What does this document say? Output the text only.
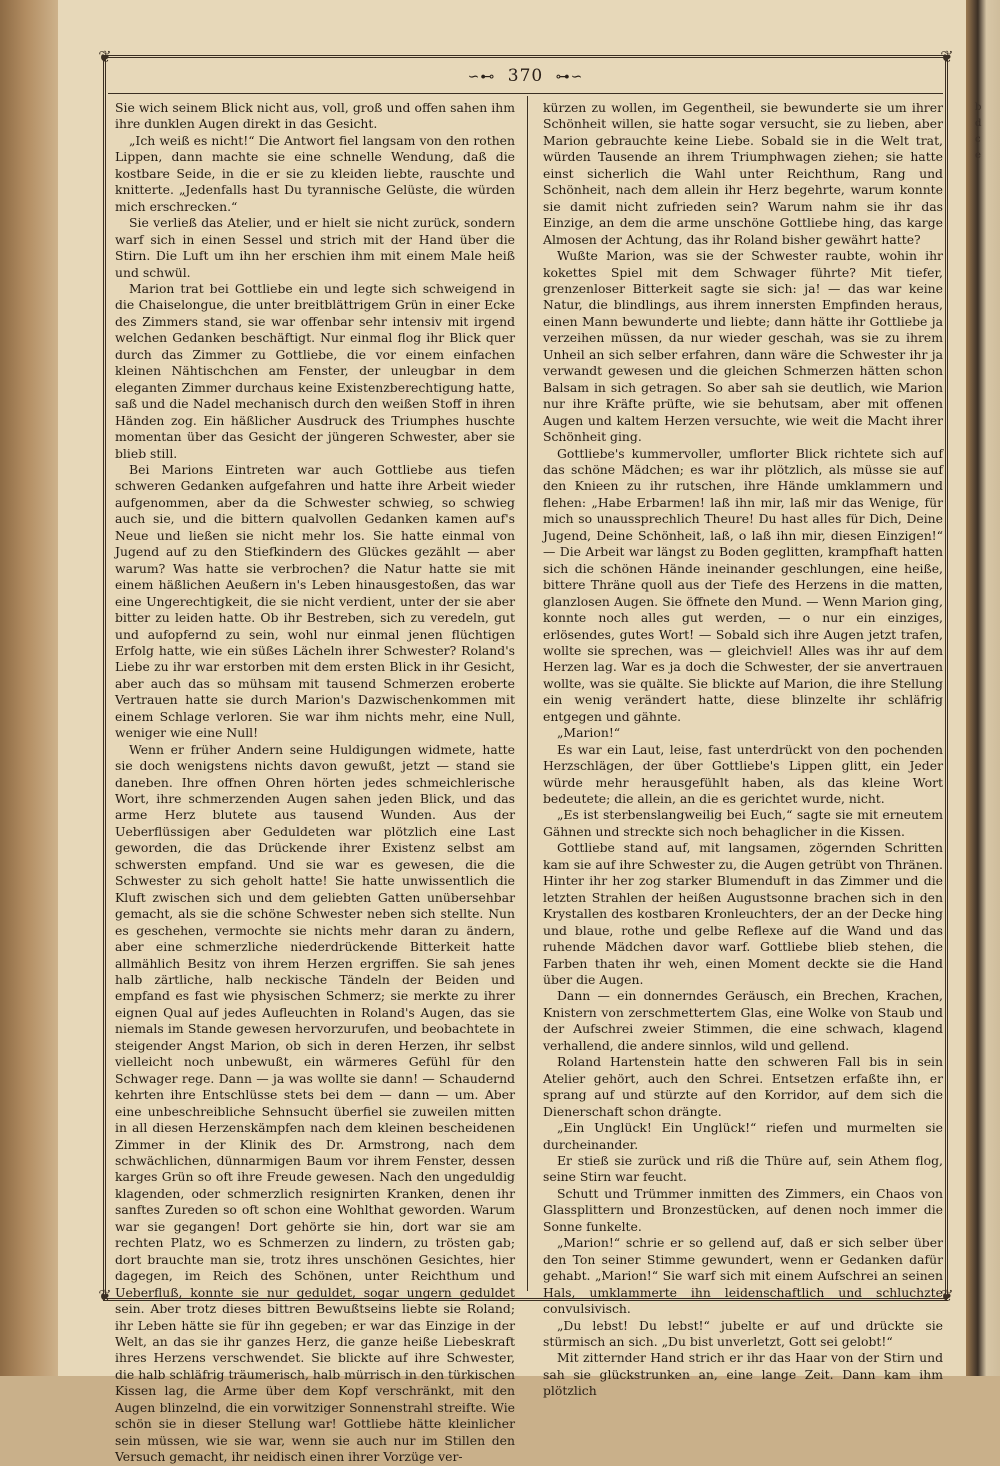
b
d
c
e
❦	❦
❦	❦
∽⊷ 370 ⊶∽

Sie wich seinem Blick nicht aus, voll, groß und offen sahen ihm ihre dunklen Augen direkt in das Gesicht.

„Ich weiß es nicht!“ Die Antwort fiel langsam von den rothen Lippen, dann machte sie eine schnelle Wendung, daß die kostbare Seide, in die er sie zu kleiden liebte, rauschte und knitterte. „Jedenfalls hast Du tyrannische Gelüste, die würden mich erschrecken.“

Sie verließ das Atelier, und er hielt sie nicht zurück, sondern warf sich in einen Sessel und strich mit der Hand über die Stirn. Die Luft um ihn her erschien ihm mit einem Male heiß und schwül.

Marion trat bei Gottliebe ein und legte sich schweigend in die Chaiselongue, die unter breitblättrigem Grün in einer Ecke des Zimmers stand, sie war offenbar sehr intensiv mit irgend welchen Gedanken beschäftigt. Nur einmal flog ihr Blick quer durch das Zimmer zu Gottliebe, die vor einem einfachen kleinen Nähtischchen am Fenster, der unleugbar in dem eleganten Zimmer durchaus keine Existenzberechtigung hatte, saß und die Nadel mechanisch durch den weißen Stoff in ihren Händen zog. Ein häßlicher Ausdruck des Triumphes huschte momentan über das Gesicht der jüngeren Schwester, aber sie blieb still.

Bei Marions Eintreten war auch Gottliebe aus tiefen schweren Gedanken aufgefahren und hatte ihre Arbeit wieder aufgenommen, aber da die Schwester schwieg, so schwieg auch sie, und die bittern qualvollen Gedanken kamen auf's Neue und ließen sie nicht mehr los. Sie hatte einmal von Jugend auf zu den Stiefkindern des Glückes gezählt — aber warum? Was hatte sie verbrochen? die Natur hatte sie mit einem häßlichen Aeußern in's Leben hinausgestoßen, das war eine Ungerechtigkeit, die sie nicht verdient, unter der sie aber bitter zu leiden hatte. Ob ihr Bestreben, sich zu veredeln, gut und aufopfernd zu sein, wohl nur einmal jenen flüchtigen Erfolg hatte, wie ein süßes Lächeln ihrer Schwester? Roland's Liebe zu ihr war erstorben mit dem ersten Blick in ihr Gesicht, aber auch das so mühsam mit tausend Schmerzen eroberte Vertrauen hatte sie durch Marion's Dazwischenkommen mit einem Schlage verloren. Sie war ihm nichts mehr, eine Null, weniger wie eine Null!

Wenn er früher Andern seine Huldigungen widmete, hatte sie doch wenigstens nichts davon gewußt, jetzt — stand sie daneben. Ihre offnen Ohren hörten jedes schmeichlerische Wort, ihre schmerzenden Augen sahen jeden Blick, und das arme Herz blutete aus tausend Wunden. Aus der Ueberflüssigen aber Geduldeten war plötzlich eine Last geworden, die das Drückende ihrer Existenz selbst am schwersten empfand. Und sie war es gewesen, die die Schwester zu sich geholt hatte! Sie hatte unwissentlich die Kluft zwischen sich und dem geliebten Gatten unübersehbar gemacht, als sie die schöne Schwester neben sich stellte. Nun es geschehen, vermochte sie nichts mehr daran zu ändern, aber eine schmerzliche niederdrückende Bitterkeit hatte allmählich Besitz von ihrem Herzen ergriffen. Sie sah jenes halb zärtliche, halb neckische Tändeln der Beiden und empfand es fast wie physischen Schmerz; sie merkte zu ihrer eignen Qual auf jedes Aufleuchten in Roland's Augen, das sie niemals im Stande gewesen hervorzurufen, und beobachtete in steigender Angst Marion, ob sich in deren Herzen, ihr selbst vielleicht noch unbewußt, ein wärmeres Gefühl für den Schwager rege. Dann — ja was wollte sie dann! — Schaudernd kehrten ihre Entschlüsse stets bei dem — dann — um. Aber eine unbeschreibliche Sehnsucht überfiel sie zuweilen mitten in all diesen Herzenskämpfen nach dem kleinen bescheidenen Zimmer in der Klinik des Dr. Armstrong, nach dem schwächlichen, dünnarmigen Baum vor ihrem Fenster, dessen karges Grün so oft ihre Freude gewesen. Nach den ungeduldig klagenden, oder schmerzlich resignirten Kranken, denen ihr sanftes Zureden so oft schon eine Wohlthat geworden. Warum war sie gegangen! Dort gehörte sie hin, dort war sie am rechten Platz, wo es Schmerzen zu lindern, zu trösten gab; dort brauchte man sie, trotz ihres unschönen Gesichtes, hier dagegen, im Reich des Schönen, unter Reichthum und Ueberfluß, konnte sie nur geduldet, sogar ungern geduldet sein. Aber trotz dieses bittren Bewußtseins liebte sie Roland; ihr Leben hätte sie für ihn gegeben; er war das Einzige in der Welt, an das sie ihr ganzes Herz, die ganze heiße Liebeskraft ihres Herzens verschwendet. Sie blickte auf ihre Schwester, die halb schläfrig träumerisch, halb mürrisch in den türkischen Kissen lag, die Arme über dem Kopf verschränkt, mit den Augen blinzelnd, die ein vorwitziger Sonnenstrahl streifte. Wie schön sie in dieser Stellung war! Gottliebe hätte kleinlicher sein müssen, wie sie war, wenn sie auch nur im Stillen den Versuch gemacht, ihr neidisch einen ihrer Vorzüge ver-

kürzen zu wollen, im Gegentheil, sie bewunderte sie um ihrer Schönheit willen, sie hatte sogar versucht, sie zu lieben, aber Marion gebrauchte keine Liebe. Sobald sie in die Welt trat, würden Tausende an ihrem Triumphwagen ziehen; sie hatte einst sicherlich die Wahl unter Reichthum, Rang und Schönheit, nach dem allein ihr Herz begehrte, warum konnte sie damit nicht zufrieden sein? Warum nahm sie ihr das Einzige, an dem die arme unschöne Gottliebe hing, das karge Almosen der Achtung, das ihr Roland bisher gewährt hatte?

Wußte Marion, was sie der Schwester raubte, wohin ihr kokettes Spiel mit dem Schwager führte? Mit tiefer, grenzenloser Bitterkeit sagte sie sich: ja! — das war keine Natur, die blindlings, aus ihrem innersten Empfinden heraus, einen Mann bewunderte und liebte; dann hätte ihr Gottliebe ja verzeihen müssen, da nur wieder geschah, was sie zu ihrem Unheil an sich selber erfahren, dann wäre die Schwester ihr ja verwandt gewesen und die gleichen Schmerzen hätten schon Balsam in sich getragen. So aber sah sie deutlich, wie Marion nur ihre Kräfte prüfte, wie sie behutsam, aber mit offenen Augen und kaltem Herzen versuchte, wie weit die Macht ihrer Schönheit ging.

Gottliebe's kummervoller, umflorter Blick richtete sich auf das schöne Mädchen; es war ihr plötzlich, als müsse sie auf den Knieen zu ihr rutschen, ihre Hände umklammern und flehen: „Habe Erbarmen! laß ihn mir, laß mir das Wenige, für mich so unaussprechlich Theure! Du hast alles für Dich, Deine Jugend, Deine Schönheit, laß, o laß ihn mir, diesen Einzigen!“ — Die Arbeit war längst zu Boden geglitten, krampfhaft hatten sich die schönen Hände ineinander geschlungen, eine heiße, bittere Thräne quoll aus der Tiefe des Herzens in die matten, glanzlosen Augen. Sie öffnete den Mund. — Wenn Marion ging, konnte noch alles gut werden, — o nur ein einziges, erlösendes, gutes Wort! — Sobald sich ihre Augen jetzt trafen, wollte sie sprechen, was — gleichviel! Alles was ihr auf dem Herzen lag. War es ja doch die Schwester, der sie anvertrauen wollte, was sie quälte. Sie blickte auf Marion, die ihre Stellung ein wenig verändert hatte, diese blinzelte ihr schläfrig entgegen und gähnte.

„Marion!“

Es war ein Laut, leise, fast unterdrückt von den pochenden Herzschlägen, der über Gottliebe's Lippen glitt, ein Jeder würde mehr herausgefühlt haben, als das kleine Wort bedeutete; die allein, an die es gerichtet wurde, nicht.

„Es ist sterbenslangweilig bei Euch,“ sagte sie mit erneutem Gähnen und streckte sich noch behaglicher in die Kissen.

Gottliebe stand auf, mit langsamen, zögernden Schritten kam sie auf ihre Schwester zu, die Augen getrübt von Thränen. Hinter ihr her zog starker Blumenduft in das Zimmer und die letzten Strahlen der heißen Augustsonne brachen sich in den Krystallen des kostbaren Kronleuchters, der an der Decke hing und blaue, rothe und gelbe Reflexe auf die Wand und das ruhende Mädchen davor warf. Gottliebe blieb stehen, die Farben thaten ihr weh, einen Moment deckte sie die Hand über die Augen.

Dann — ein donnerndes Geräusch, ein Brechen, Krachen, Knistern von zerschmettertem Glas, eine Wolke von Staub und der Aufschrei zweier Stimmen, die eine schwach, klagend verhallend, die andere sinnlos, wild und gellend.

Roland Hartenstein hatte den schweren Fall bis in sein Atelier gehört, auch den Schrei. Entsetzen erfaßte ihn, er sprang auf und stürzte auf den Korridor, auf dem sich die Dienerschaft schon drängte.

„Ein Unglück! Ein Unglück!“ riefen und murmelten sie durcheinander.

Er stieß sie zurück und riß die Thüre auf, sein Athem flog, seine Stirn war feucht.

Schutt und Trümmer inmitten des Zimmers, ein Chaos von Glassplittern und Bronzestücken, auf denen noch immer die Sonne funkelte.

„Marion!“ schrie er so gellend auf, daß er sich selber über den Ton seiner Stimme gewundert, wenn er Gedanken dafür gehabt. „Marion!“ Sie warf sich mit einem Aufschrei an seinen Hals, umklammerte ihn leidenschaftlich und schluchzte convulsivisch.

„Du lebst! Du lebst!“ jubelte er auf und drückte sie stürmisch an sich. „Du bist unverletzt, Gott sei gelobt!“

Mit zitternder Hand strich er ihr das Haar von der Stirn und sah sie glückstrunken an, eine lange Zeit. Dann kam ihm plötzlich
